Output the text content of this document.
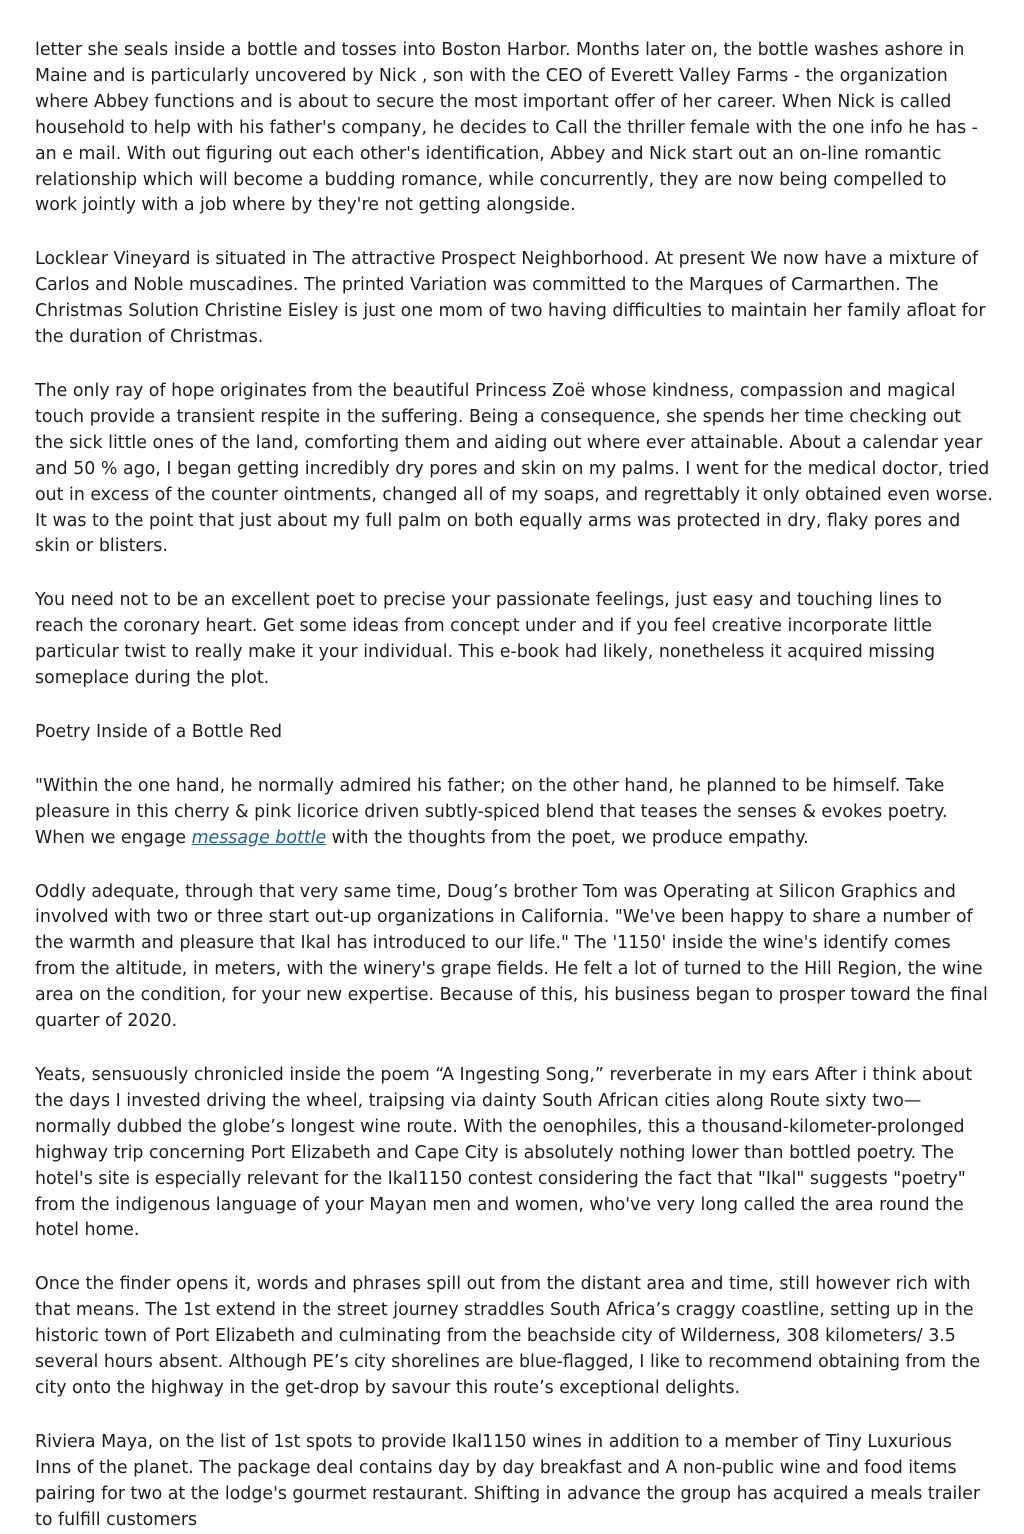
letter she seals inside a bottle and tosses into Boston Harbor. Months later on, the bottle washes ashore in Maine and is particularly uncovered by Nick , son with the CEO of Everett Valley Farms - the organization where Abbey functions and is about to secure the most important offer of her career. When Nick is called household to help with his father's company, he decides to Call the thriller female with the one info he has - an e mail. With out figuring out each other's identification, Abbey and Nick start out an on-line romantic relationship which will become a budding romance, while concurrently, they are now being compelled to work jointly with a job where by they're not getting alongside.

Locklear Vineyard is situated in The attractive Prospect Neighborhood. At present We now have a mixture of Carlos and Noble muscadines. The printed Variation was committed to the Marques of Carmarthen. The Christmas Solution Christine Eisley is just one mom of two having difficulties to maintain her family afloat for the duration of Christmas.

The only ray of hope originates from the beautiful Princess Zoë whose kindness, compassion and magical touch provide a transient respite in the suffering. Being a consequence, she spends her time checking out the sick little ones of the land, comforting them and aiding out where ever attainable. About a calendar year and 50 % ago, I began getting incredibly dry pores and skin on my palms. I went for the medical doctor, tried out in excess of the counter ointments, changed all of my soaps, and regrettably it only obtained even worse. It was to the point that just about my full palm on both equally arms was protected in dry, flaky pores and skin or blisters.

You need not to be an excellent poet to precise your passionate feelings, just easy and touching lines to reach the coronary heart. Get some ideas from concept under and if you feel creative incorporate little particular twist to really make it your individual. This e-book had likely, nonetheless it acquired missing someplace during the plot.

Poetry Inside of a Bottle Red

"Within the one hand, he normally admired his father; on the other hand, he planned to be himself. Take pleasure in this cherry & pink licorice driven subtly-spiced blend that teases the senses & evokes poetry. When we engage message bottle with the thoughts from the poet, we produce empathy.

Oddly adequate, through that very same time, Doug’s brother Tom was Operating at Silicon Graphics and involved with two or three start out-up organizations in California. "We've been happy to share a number of the warmth and pleasure that Ikal has introduced to our life." The '1150' inside the wine's identify comes from the altitude, in meters, with the winery's grape fields. He felt a lot of turned to the Hill Region, the wine area on the condition, for your new expertise. Because of this, his business began to prosper toward the final quarter of 2020.

Yeats, sensuously chronicled inside the poem “A Ingesting Song,” reverberate in my ears After i think about the days I invested driving the wheel, traipsing via dainty South African cities along Route sixty two—normally dubbed the globe’s longest wine route. With the oenophiles, this a thousand-kilometer-prolonged highway trip concerning Port Elizabeth and Cape City is absolutely nothing lower than bottled poetry. The hotel's site is especially relevant for the Ikal1150 contest considering the fact that "Ikal" suggests "poetry" from the indigenous language of your Mayan men and women, who've very long called the area round the hotel home.

Once the finder opens it, words and phrases spill out from the distant area and time, still however rich with that means. The 1st extend in the street journey straddles South Africa’s craggy coastline, setting up in the historic town of Port Elizabeth and culminating from the beachside city of Wilderness, 308 kilometers/ 3.5 several hours absent. Although PE’s city shorelines are blue-flagged, I like to recommend obtaining from the city onto the highway in the get-drop by savour this route’s exceptional delights.

Riviera Maya, on the list of 1st spots to provide Ikal1150 wines in addition to a member of Tiny Luxurious Inns of the planet. The package deal contains day by day breakfast and A non-public wine and food items pairing for two at the lodge's gourmet restaurant. Shifting in advance the group has acquired a meals trailer to fulfill customers
